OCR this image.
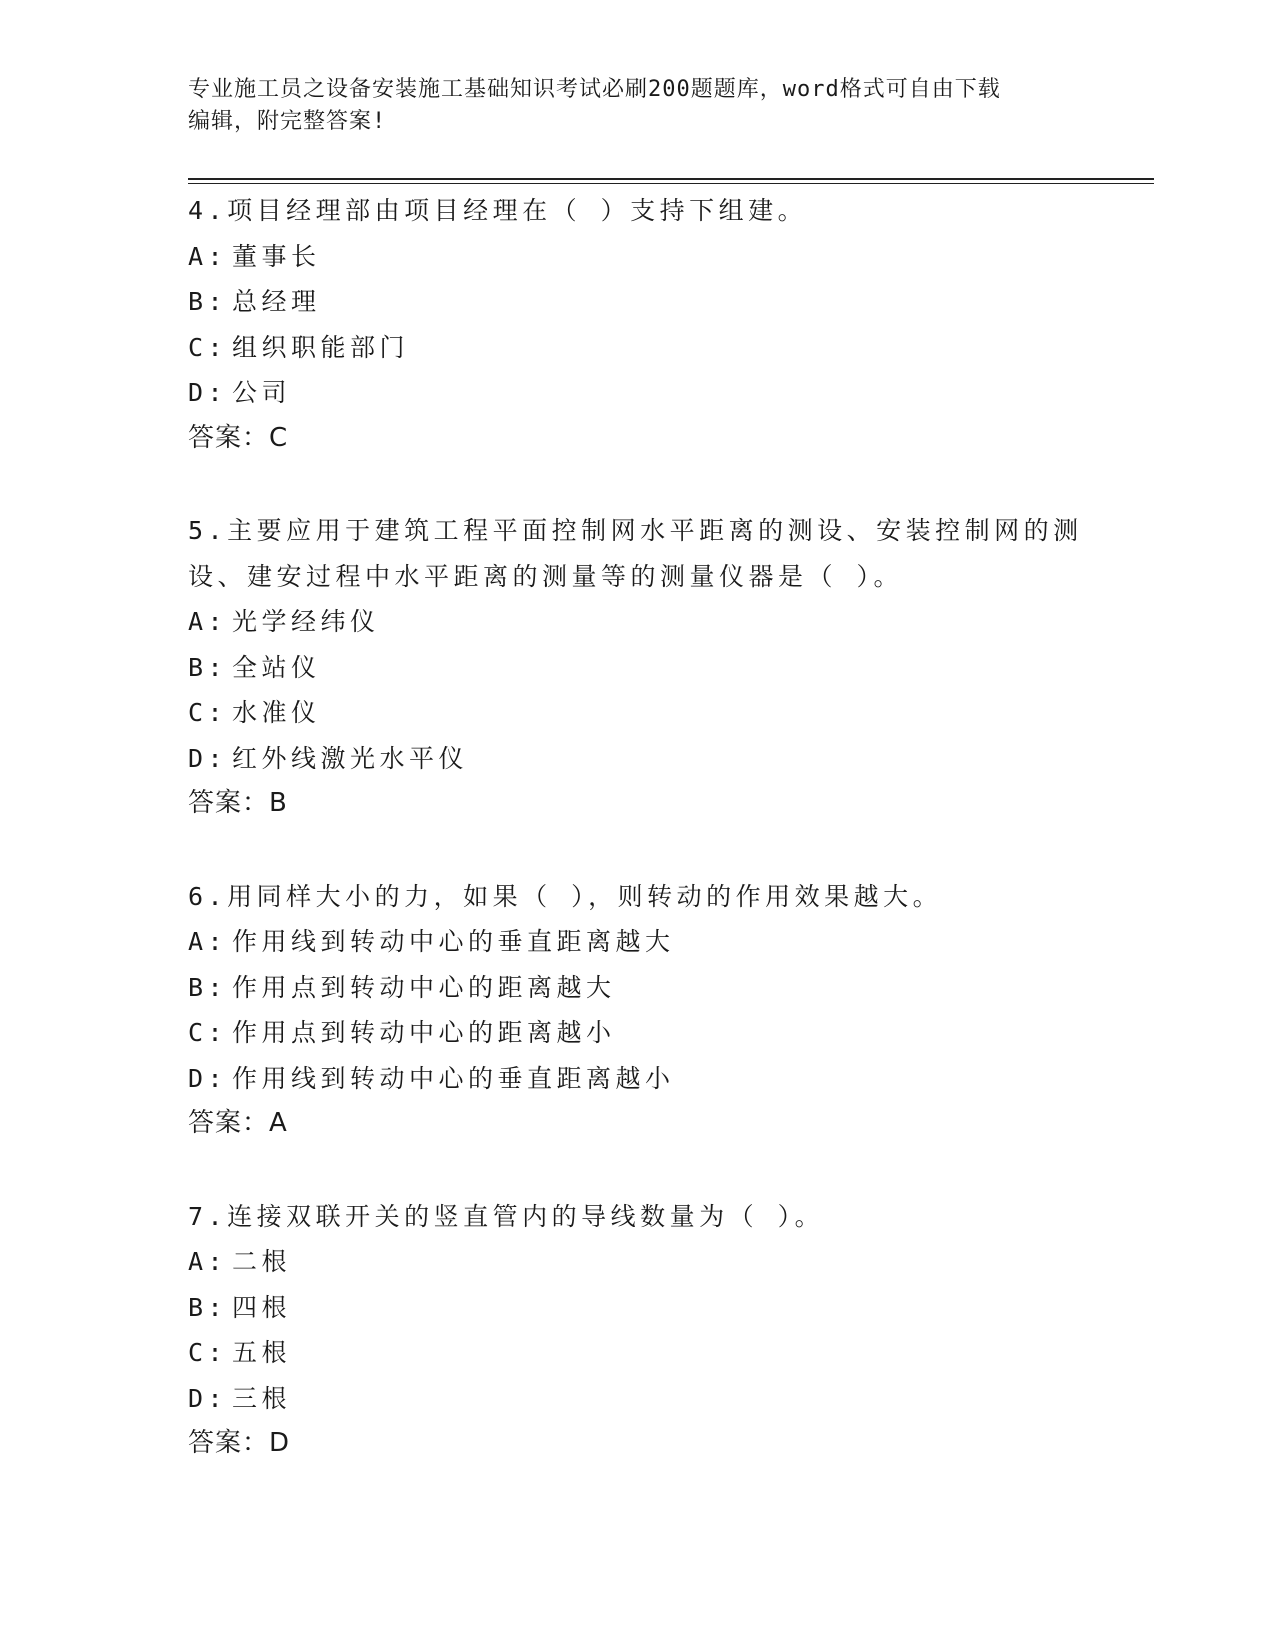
专业施工员之设备安装施工基础知识考试必刷200题题库，word格式可自由下载
编辑，附完整答案!
4.项目经理部由项目经理在（ ）支持下组建。
A: 董事长
B: 总经理
C: 组织职能部门
D: 公司
答案：C
5.主要应用于建筑工程平面控制网水平距离的测设、安装控制网的测
设、建安过程中水平距离的测量等的测量仪器是（ ）。
A: 光学经纬仪
B: 全站仪
C: 水准仪
D: 红外线激光水平仪
答案：B
6.用同样大小的力，如果（ ），则转动的作用效果越大。
A: 作用线到转动中心的垂直距离越大
B: 作用点到转动中心的距离越大
C: 作用点到转动中心的距离越小
D: 作用线到转动中心的垂直距离越小
答案：A
7.连接双联开关的竖直管内的导线数量为（ ）。
A: 二根
B: 四根
C: 五根
D: 三根
答案：D
